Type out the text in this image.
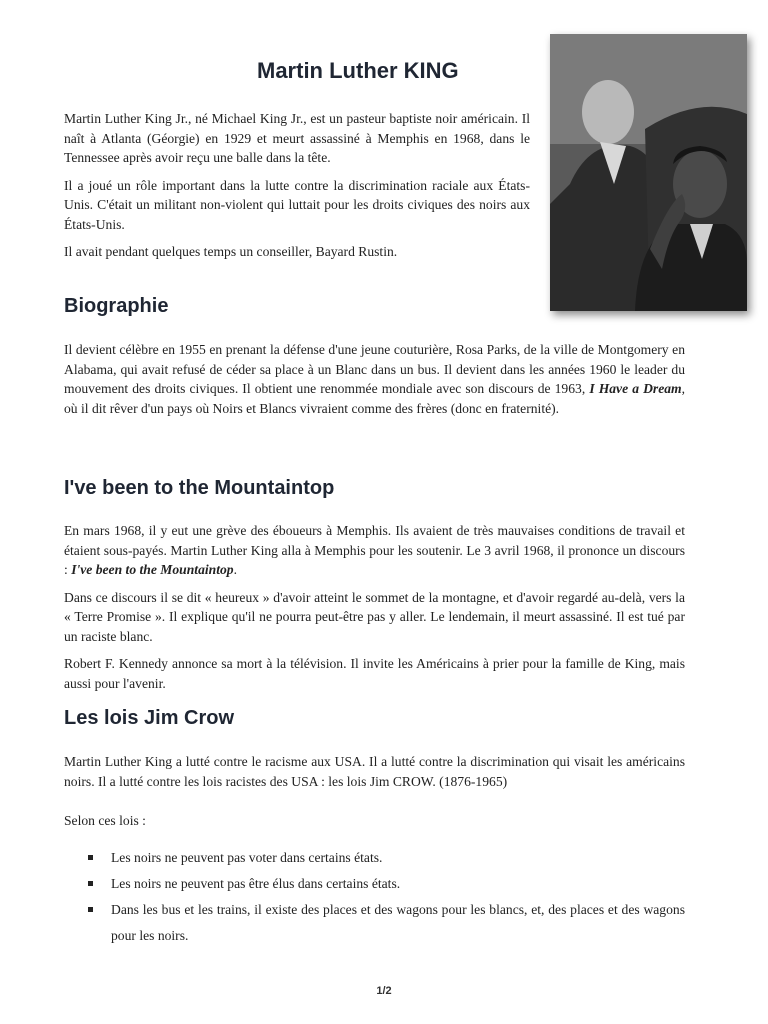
Martin Luther KING

Martin Luther King Jr., né Michael King Jr., est un pasteur baptiste noir américain. Il naît à Atlanta (Géorgie) en 1929 et meurt assassiné à Memphis en 1968, dans le Tennessee après avoir reçu une balle dans la tête.

Il a joué un rôle important dans la lutte contre la discrimination raciale aux États-Unis. C'était un militant non-violent qui luttait pour les droits civiques des noirs aux États-Unis.

Il avait pendant quelques temps un conseiller, Bayard Rustin.

Biographie

Il devient célèbre en 1955 en prenant la défense d'une jeune couturière, Rosa Parks, de la ville de Montgomery en Alabama, qui avait refusé de céder sa place à un Blanc dans un bus. Il devient dans les années 1960 le leader du mouvement des droits civiques. Il obtient une renommée mondiale avec son discours de 1963, I Have a Dream, où il dit rêver d'un pays où Noirs et Blancs vivraient comme des frères (donc en fraternité).

I've been to the Mountaintop

En mars 1968, il y eut une grève des éboueurs à Memphis. Ils avaient de très mauvaises conditions de travail et étaient sous-payés. Martin Luther King alla à Memphis pour les soutenir. Le 3 avril 1968, il prononce un discours : I've been to the Mountaintop.

Dans ce discours il se dit « heureux » d'avoir atteint le sommet de la montagne, et d'avoir regardé au-delà, vers la « Terre Promise ». Il explique qu'il ne pourra peut-être pas y aller. Le lendemain, il meurt assassiné. Il est tué par un raciste blanc.

Robert F. Kennedy annonce sa mort à la télévision. Il invite les Américains à prier pour la famille de King, mais aussi pour l'avenir.

Les lois Jim Crow

Martin Luther King a lutté contre le racisme aux USA. Il a lutté contre la discrimination qui visait les américains noirs. Il a lutté contre les lois racistes des USA : les lois Jim CROW. (1876-1965)

Selon ces lois :

Les noirs ne peuvent pas voter dans certains états.
Les noirs ne peuvent pas être élus dans certains états.
Dans les bus et les trains, il existe des places et des wagons pour les blancs, et, des places et des wagons pour les noirs.
1/2
